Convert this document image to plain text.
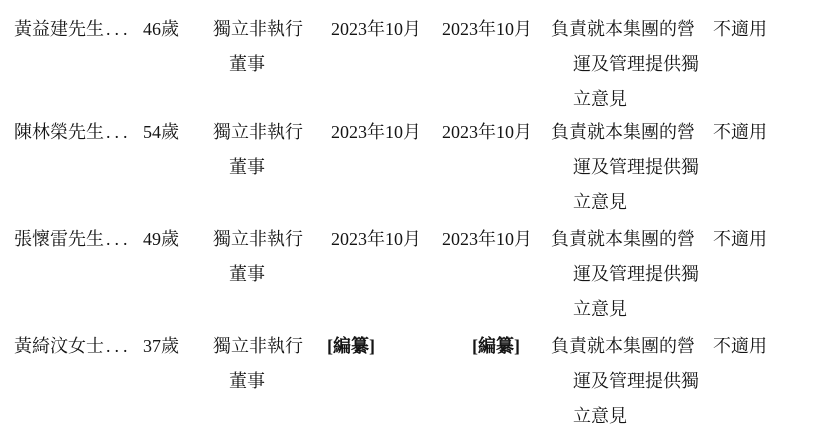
黃益建先生 ... 46歲 獨立非執行
董事
2023年10月 2023年10月 負責就本集團的營
運及管理提供獨
立意見
不適用
陳林榮先生 ... 54歲 獨立非執行
董事
2023年10月 2023年10月 負責就本集團的營
運及管理提供獨
立意見
不適用
張懷雷先生 ... 49歲 獨立非執行
董事
2023年10月 2023年10月 負責就本集團的營
運及管理提供獨
立意見
不適用
黃綺汶女士 ... 37歲 獨立非執行
董事
[編纂]	[編纂] 負責就本集團的營
運及管理提供獨
立意見
不適用
